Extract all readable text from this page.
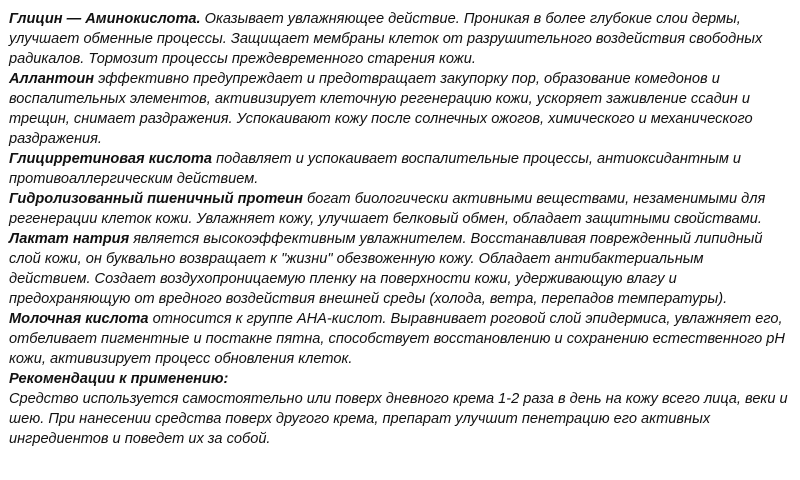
Глицин — Аминокислота. Оказывает увлажняющее действие. Проникая в более глубокие слои дермы, улучшает обменные процессы. Защищает мембраны клеток от разрушительного воздействия свободных радикалов. Тормозит процессы преждевременного старения кожи.

Аллантоин эффективно предупреждает и предотвращает закупорку пор, образование комедонов и воспалительных элементов, активизирует клеточную регенерацию кожи, ускоряет заживление ссадин и трещин, снимает раздражения. Успокаивают кожу после солнечных ожогов, химического и механического раздражения.

Глицирретиновая кислота подавляет и успокаивает воспалительные процессы, антиоксидантным и противоаллергическим действием.

Гидролизованный пшеничный протеин богат биологически активными веществами, незаменимыми для регенерации клеток кожи. Увлажняет кожу, улучшает белковый обмен, обладает защитными свойствами.

Лактат натрия является высокоэффективным увлажнителем. Восстанавливая поврежденный липидный слой кожи, он буквально возвращает к "жизни" обезвоженную кожу. Обладает антибактериальным действием. Создает воздухопроницаемую пленку на поверхности кожи, удерживающую влагу и предохраняющую от вредного воздействия внешней среды (холода, ветра, перепадов температуры).

Молочная кислота относится к группе АНА-кислот. Выравнивает роговой слой эпидермиса, увлажняет его, отбеливает пигментные и постакне пятна, способствует восстановлению и сохранению естественного pH кожи, активизирует процесс обновления клеток.

Рекомендации к применению:

Средство используется самостоятельно или поверх дневного крема 1-2 раза в день на кожу всего лица, веки и шею. При нанесении средства поверх другого крема, препарат улучшит пенетрацию его активных ингредиентов и поведет их за собой.
